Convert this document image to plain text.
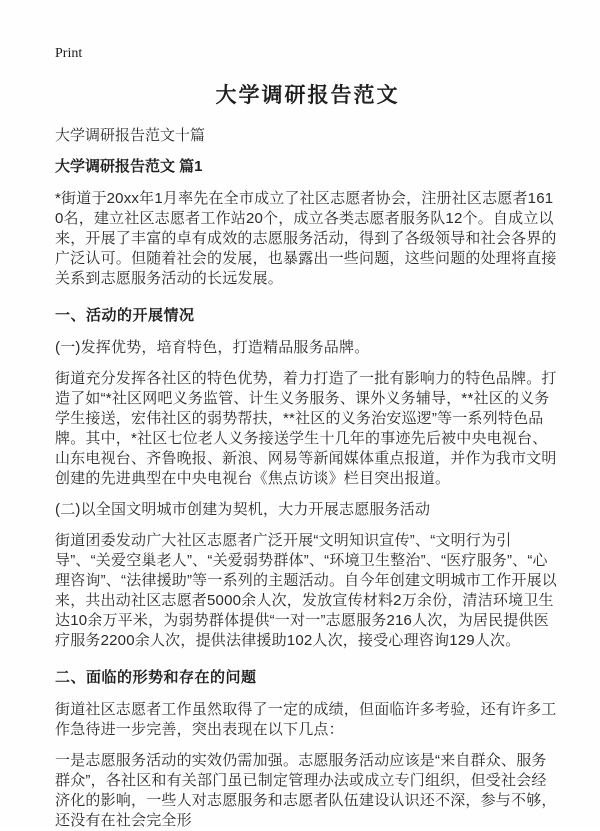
Print
大学调研报告范文
大学调研报告范文十篇
大学调研报告范文 篇1

*街道于20xx年1月率先在全市成立了社区志愿者协会，注册社区志愿者1610名，建立社区志愿者工作站20个，成立各类志愿者服务队12个。自成立以来，开展了丰富的卓有成效的志愿服务活动，得到了各级领导和社会各界的广泛认可。但随着社会的发展，也暴露出一些问题，这些问题的处理将直接关系到志愿服务活动的长远发展。

一、活动的开展情况

(一)发挥优势，培育特色，打造精品服务品牌。

街道充分发挥各社区的特色优势，着力打造了一批有影响力的特色品牌。打造了如“*社区网吧义务监管、计生义务服务、课外义务辅导，**社区的义务学生接送，宏伟社区的弱势帮扶，**社区的义务治安巡逻”等一系列特色品牌。其中，*社区七位老人义务接送学生十几年的事迹先后被中央电视台、山东电视台、齐鲁晚报、新浪、网易等新闻媒体重点报道，并作为我市文明创建的先进典型在中央电视台《焦点访谈》栏目突出报道。

(二)以全国文明城市创建为契机，大力开展志愿服务活动

街道团委发动广大社区志愿者广泛开展“文明知识宣传”、“文明行为引导”、“关爱空巢老人”、“关爱弱势群体”、“环境卫生整治”、“医疗服务”、“心理咨询”、“法律援助”等一系列的主题活动。自今年创建文明城市工作开展以来，共出动社区志愿者5000余人次，发放宣传材料2万余份，清洁环境卫生达10余万平米，为弱势群体提供“一对一”志愿服务216人次，为居民提供医疗服务2200余人次，提供法律援助102人次，接受心理咨询129人次。

二、面临的形势和存在的问题

街道社区志愿者工作虽然取得了一定的成绩，但面临许多考验，还有许多工作急待进一步完善，突出表现在以下几点：

一是志愿服务活动的实效仍需加强。志愿服务活动应该是“来自群众、服务群众”，各社区和有关部门虽已制定管理办法或成立专门组织，但受社会经济化的影响，一些人对志愿服务和志愿者队伍建设认识还不深，参与不够，还没有在社会完全形
